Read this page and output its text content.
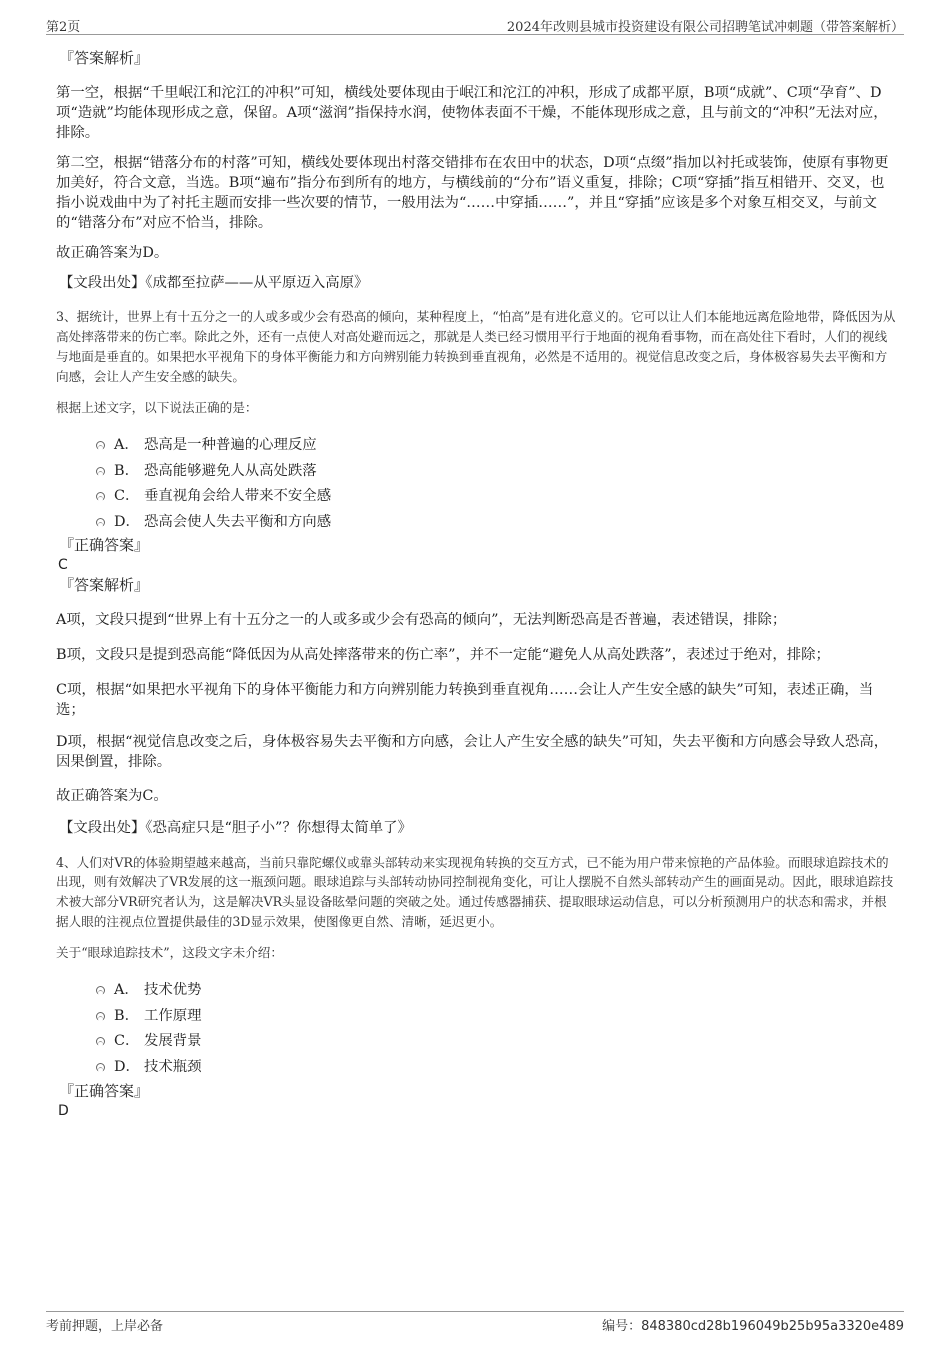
第2页	2024年改则县城市投资建设有限公司招聘笔试冲刺题（带答案解析）
『答案解析』

第一空，根据“千里岷江和沱江的冲积”可知，横线处要体现由于岷江和沱江的冲积，形成了成都平原，B项“成就”、C项“孕育”、D项“造就”均能体现形成之意，保留。A项“滋润”指保持水润，使物体表面不干燥，不能体现形成之意，且与前文的“冲积”无法对应，排除。

第二空，根据“错落分布的村落”可知，横线处要体现出村落交错排布在农田中的状态，D项“点缀”指加以衬托或装饰，使原有事物更加美好，符合文意，当选。B项“遍布”指分布到所有的地方，与横线前的“分布”语义重复，排除；C项“穿插”指互相错开、交叉，也指小说戏曲中为了衬托主题而安排一些次要的情节，一般用法为“……中穿插……”，并且“穿插”应该是多个对象互相交叉，与前文的“错落分布”对应不恰当，排除。

故正确答案为D。

【文段出处】《成都至拉萨——从平原迈入高原》

3、据统计，世界上有十五分之一的人或多或少会有恐高的倾向，某种程度上，“怕高”是有进化意义的。它可以让人们本能地远离危险地带，降低因为从高处摔落带来的伤亡率。除此之外，还有一点使人对高处避而远之，那就是人类已经习惯用平行于地面的视角看事物，而在高处往下看时，人们的视线与地面是垂直的。如果把水平视角下的身体平衡能力和方向辨别能力转换到垂直视角，必然是不适用的。视觉信息改变之后，身体极容易失去平衡和方向感，会让人产生安全感的缺失。

根据上述文字，以下说法正确的是：

A． 恐高是一种普遍的心理反应
B． 恐高能够避免人从高处跌落
C． 垂直视角会给人带来不安全感
D． 恐高会使人失去平衡和方向感
『正确答案』
C
『答案解析』

A项，文段只提到“世界上有十五分之一的人或多或少会有恐高的倾向”，无法判断恐高是否普遍，表述错误，排除；

B项，文段只是提到恐高能“降低因为从高处摔落带来的伤亡率”，并不一定能“避免人从高处跌落”，表述过于绝对，排除；

C项，根据“如果把水平视角下的身体平衡能力和方向辨别能力转换到垂直视角……会让人产生安全感的缺失”可知，表述正确，当选；

D项，根据“视觉信息改变之后，身体极容易失去平衡和方向感，会让人产生安全感的缺失”可知，失去平衡和方向感会导致人恐高，因果倒置，排除。

故正确答案为C。

【文段出处】《恐高症只是“胆子小”？你想得太简单了》

4、人们对VR的体验期望越来越高，当前只靠陀螺仪或靠头部转动来实现视角转换的交互方式，已不能为用户带来惊艳的产品体验。而眼球追踪技术的出现，则有效解决了VR发展的这一瓶颈问题。眼球追踪与头部转动协同控制视角变化，可让人摆脱不自然头部转动产生的画面晃动。因此，眼球追踪技术被大部分VR研究者认为，这是解决VR头显设备眩晕问题的突破之处。通过传感器捕获、提取眼球运动信息，可以分析预测用户的状态和需求，并根据人眼的注视点位置提供最佳的3D显示效果，使图像更自然、清晰，延迟更小。

关于“眼球追踪技术”，这段文字未介绍：

A． 技术优势
B． 工作原理
C． 发展背景
D． 技术瓶颈
『正确答案』
D
考前押题，上岸必备	编号：848380cd28b196049b25b95a3320e489
